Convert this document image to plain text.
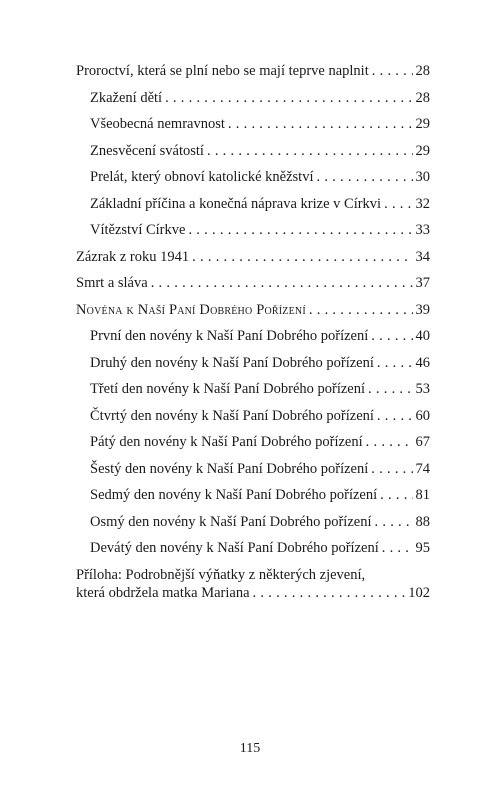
Proroctví, která se plní nebo se mají teprve naplnit . . .	28
Zkažení dětí . . .	28
Všeobecná nemravnost . . .	29
Znesvěcení svátostí . . .	29
Prelát, který obnoví katolické kněžství . . .	30
Základní příčina a konečná náprava krize v Církvi . . . 32
Vítězství Církve . . .	33
Zázrak z roku 1941 . . .	34
Smrt a sláva . . .	37
Novéna k Naší Paní Dobrého Pořízení . . .	39
První den novény k Naší Paní Dobrého pořízení . . .	40
Druhý den novény k Naší Paní Dobrého pořízení . . .	46
Třetí den novény k Naší Paní Dobrého pořízení . . .	53
Čtvrtý den novény k Naší Paní Dobrého pořízení . . .	60
Pátý den novény k Naší Paní Dobrého pořízení . . .	67
Šestý den novény k Naší Paní Dobrého pořízení . . .	74
Sedmý den novény k Naší Paní Dobrého pořízení . . .	81
Osmý den novény k Naší Paní Dobrého pořízení . . .	88
Devátý den novény k Naší Paní Dobrého pořízení . . .	95
Příloha: Podrobnější výňatky z některých zjevení,
která obdržela matka Mariana . . .	102
115
